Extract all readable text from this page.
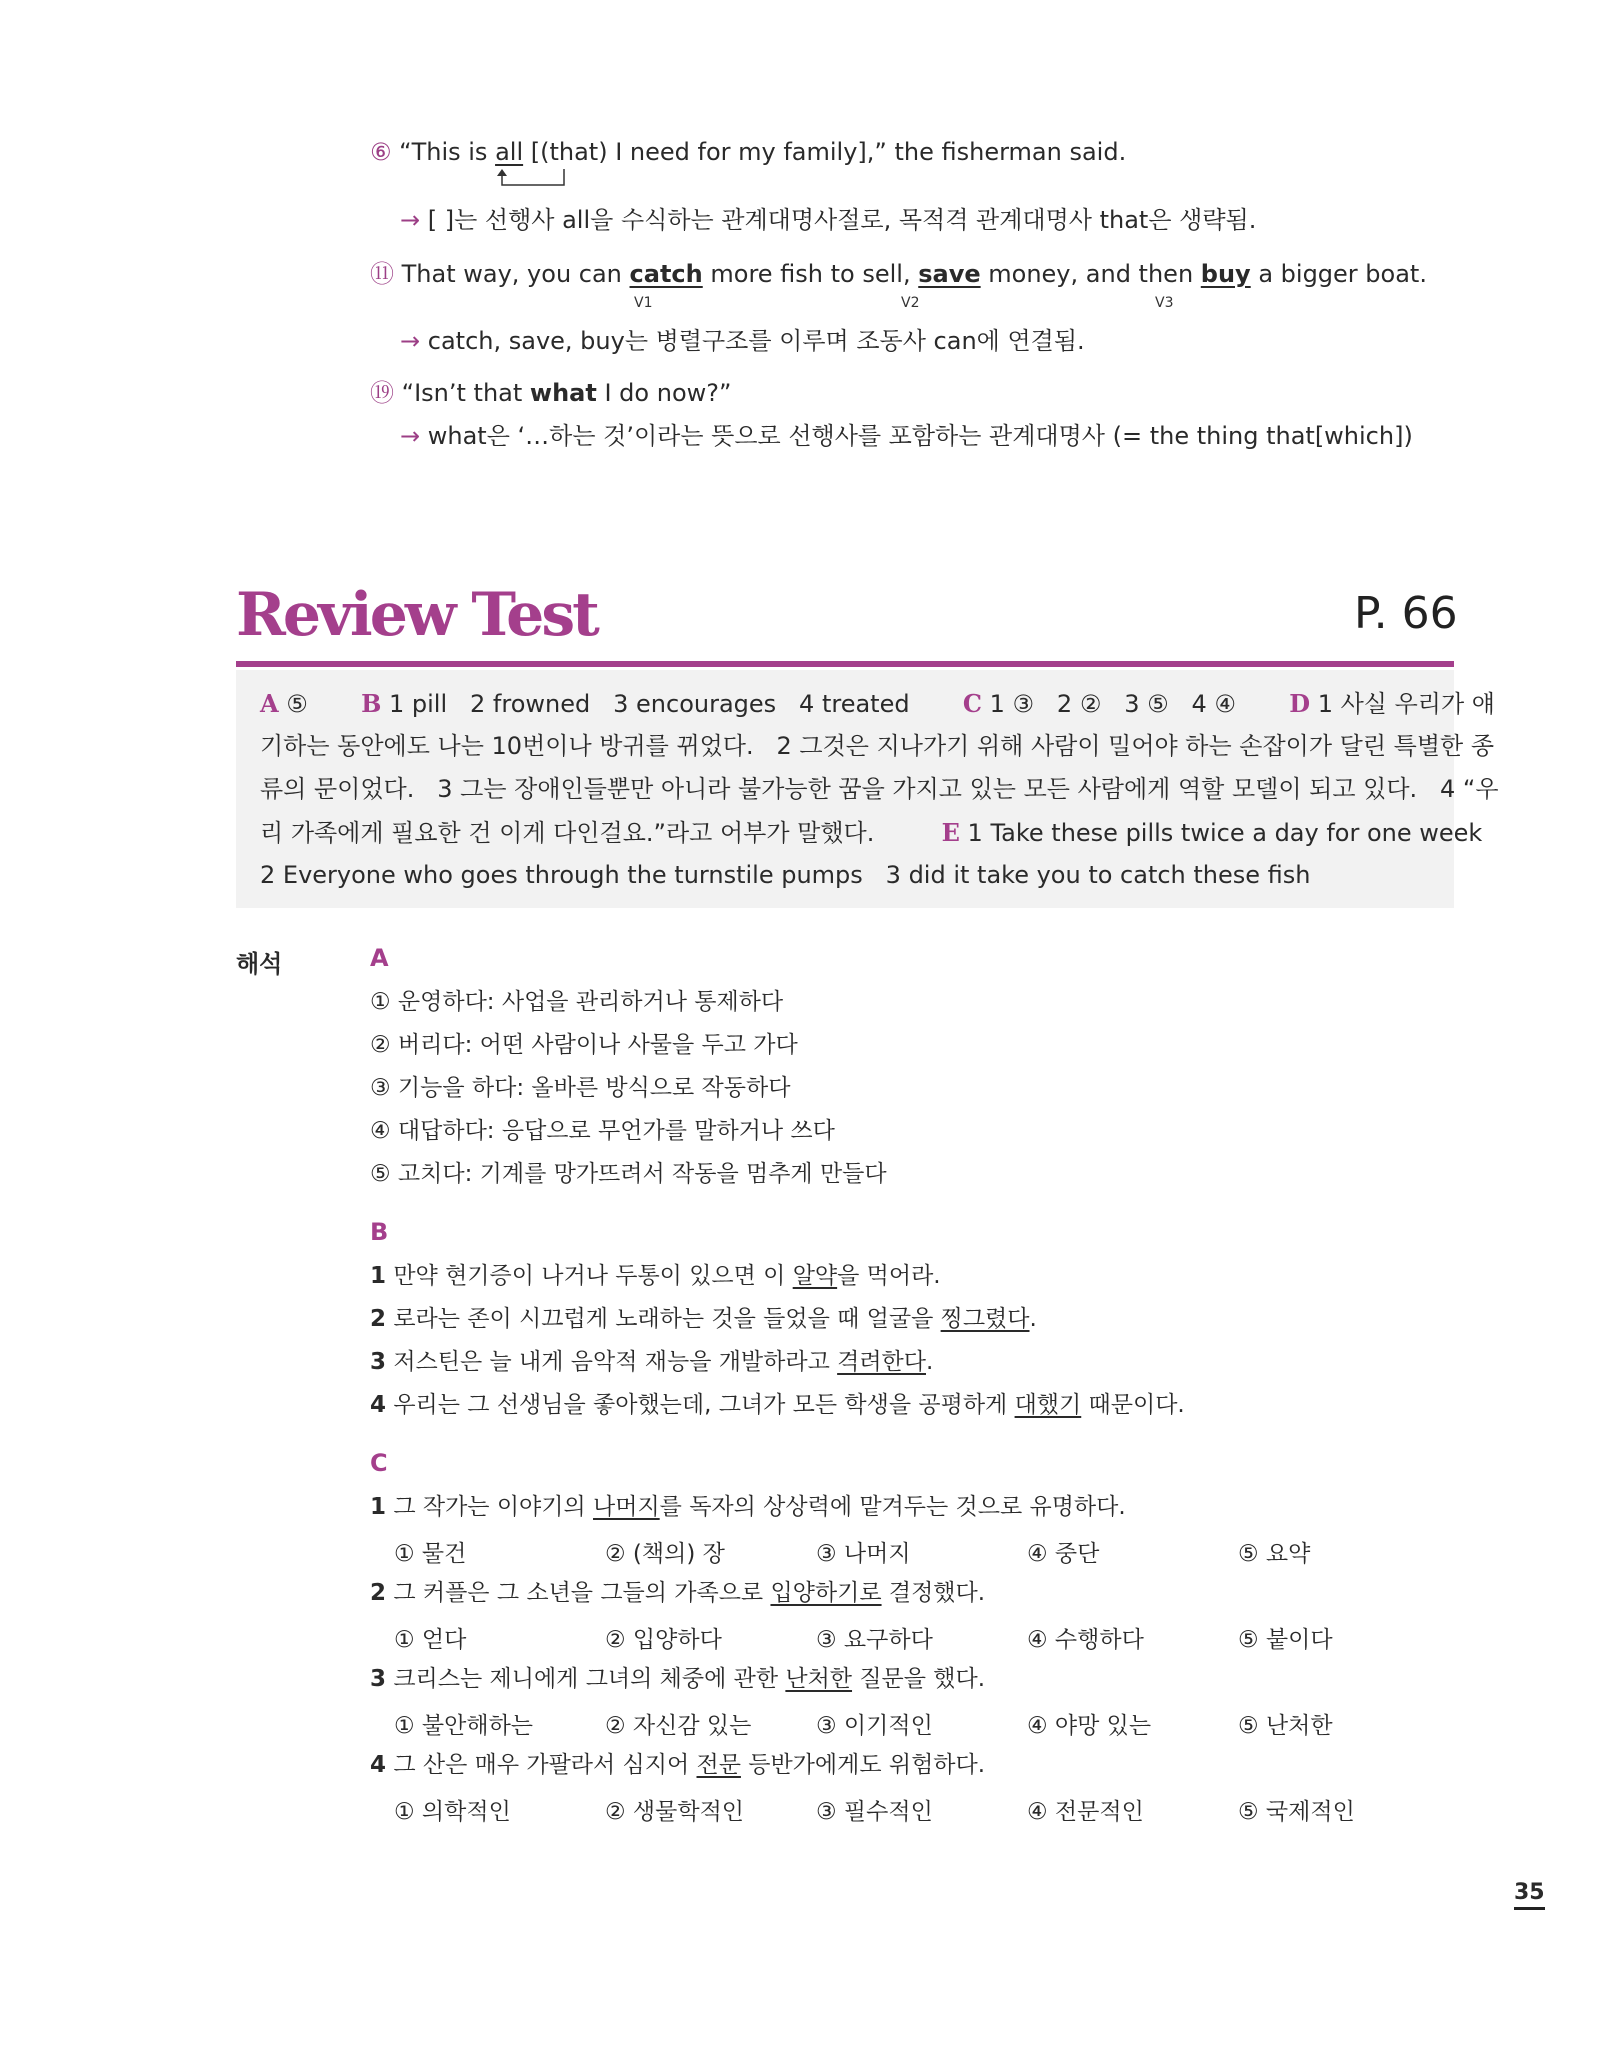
⑥ “This is all [(that) I need for my family],” the fisherman said.
→ [ ]는 선행사 all을 수식하는 관계대명사절로, 목적격 관계대명사 that은 생략됨.
⑪ That way, you can catch more fish to sell, save money, and then buy a bigger boat.
V1	V2	V3
→ catch, save, buy는 병렬구조를 이루며 조동사 can에 연결됨.
⑲ “Isn’t that what I do now?”
→ what은 ‘…하는 것’이라는 뜻으로 선행사를 포함하는 관계대명사 (= the thing that[which])
Review Test	P. 66
A ⑤ B 1 pill   2 frowned   3 encourages   4 treated C 1 ③   2 ②   3 ⑤   4 ④ D 1 사실 우리가 얘
기하는 동안에도 나는 10번이나 방귀를 뀌었다.   2 그것은 지나가기 위해 사람이 밀어야 하는 손잡이가 달린 특별한 종
류의 문이었다.   3 그는 장애인들뿐만 아니라 불가능한 꿈을 가지고 있는 모든 사람에게 역할 모델이 되고 있다.   4 “우
리 가족에게 필요한 건 이게 다인걸요.”라고 어부가 말했다.	E 1 Take these pills twice a day for one week
2 Everyone who goes through the turnstile pumps   3 did it take you to catch these fish
해석	A
① 운영하다: 사업을 관리하거나 통제하다
② 버리다: 어떤 사람이나 사물을 두고 가다
③ 기능을 하다: 올바른 방식으로 작동하다
④ 대답하다: 응답으로 무언가를 말하거나 쓰다
⑤ 고치다: 기계를 망가뜨려서 작동을 멈추게 만들다
B
1 만약 현기증이 나거나 두통이 있으면 이 알약을 먹어라.
2 로라는 존이 시끄럽게 노래하는 것을 들었을 때 얼굴을 찡그렸다.
3 저스틴은 늘 내게 음악적 재능을 개발하라고 격려한다.
4 우리는 그 선생님을 좋아했는데, 그녀가 모든 학생을 공평하게 대했기 때문이다.
C
1 그 작가는 이야기의 나머지를 독자의 상상력에 맡겨두는 것으로 유명하다.
① 물건	② (책의) 장	③ 나머지	④ 중단	⑤ 요약
2 그 커플은 그 소년을 그들의 가족으로 입양하기로 결정했다.
① 얻다	② 입양하다	③ 요구하다	④ 수행하다	⑤ 붙이다
3 크리스는 제니에게 그녀의 체중에 관한 난처한 질문을 했다.
① 불안해하는	② 자신감 있는	③ 이기적인	④ 야망 있는	⑤ 난처한
4 그 산은 매우 가팔라서 심지어 전문 등반가에게도 위험하다.
① 의학적인	② 생물학적인	③ 필수적인	④ 전문적인	⑤ 국제적인
35
